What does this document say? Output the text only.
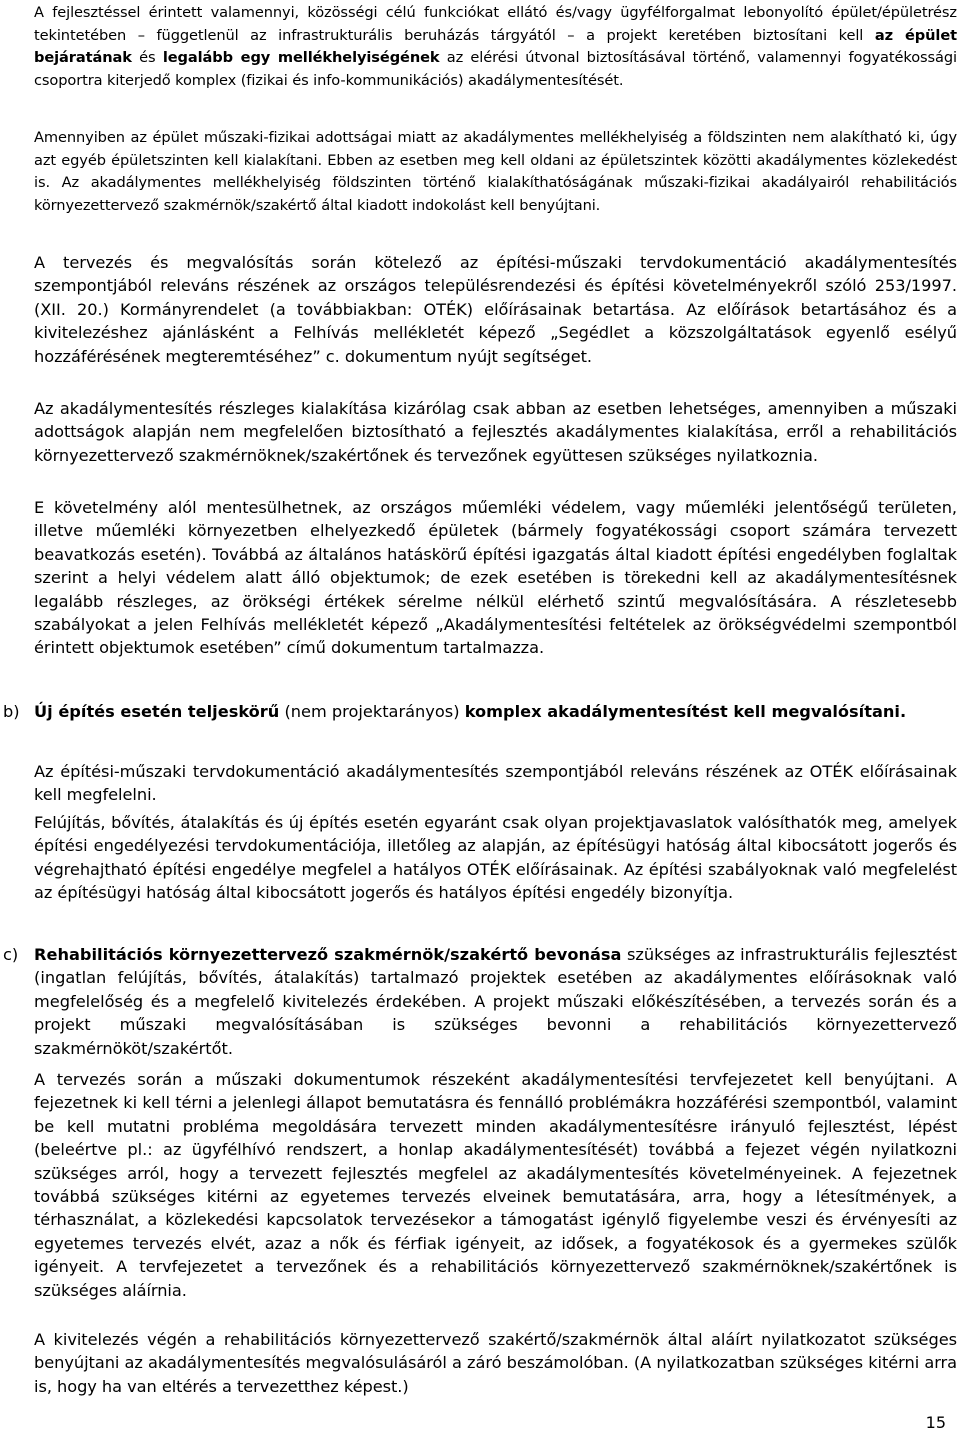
A fejlesztéssel érintett valamennyi, közösségi célú funkciókat ellátó és/vagy ügyfélforgalmat lebonyolító épület/épületrész tekintetében – függetlenül az infrastrukturális beruházás tárgyától – a projekt keretében biztosítani kell az épület bejáratának és legalább egy mellékhelyiségének az elérési útvonal biztosításával történő, valamennyi fogyatékossági csoportra kiterjedő komplex (fizikai és info-kommunikációs) akadálymentesítését.

Amennyiben az épület műszaki-fizikai adottságai miatt az akadálymentes mellékhelyiség a földszinten nem alakítható ki, úgy azt egyéb épületszinten kell kialakítani. Ebben az esetben meg kell oldani az épületszintek közötti akadálymentes közlekedést is. Az akadálymentes mellékhelyiség földszinten történő kialakíthatóságának műszaki-fizikai akadályairól rehabilitációs környezettervező szakmérnök/szakértő által kiadott indokolást kell benyújtani.

A tervezés és megvalósítás során kötelező az építési-műszaki tervdokumentáció akadálymentesítés szempontjából releváns részének az országos településrendezési és építési követelményekről szóló 253/1997. (XII. 20.) Kormányrendelet (a továbbiakban: OTÉK) előírásainak betartása. Az előírások betartásához és a kivitelezéshez ajánlásként a Felhívás mellékletét képező „Segédlet a közszolgáltatások egyenlő esélyű hozzáférésének megteremtéséhez” c. dokumentum nyújt segítséget.

Az akadálymentesítés részleges kialakítása kizárólag csak abban az esetben lehetséges, amennyiben a műszaki adottságok alapján nem megfelelően biztosítható a fejlesztés akadálymentes kialakítása, erről a rehabilitációs környezettervező szakmérnöknek/szakértőnek és tervezőnek együttesen szükséges nyilatkoznia.

E követelmény alól mentesülhetnek, az országos műemléki védelem, vagy műemléki jelentőségű területen, illetve műemléki környezetben elhelyezkedő épületek (bármely fogyatékossági csoport számára tervezett beavatkozás esetén). Továbbá az általános hatáskörű építési igazgatás által kiadott építési engedélyben foglaltak szerint a helyi védelem alatt álló objektumok; de ezek esetében is törekedni kell az akadálymentesítésnek legalább részleges, az örökségi értékek sérelme nélkül elérhető szintű megvalósítására. A részletesebb szabályokat a jelen Felhívás mellékletét képező „Akadálymentesítési feltételek az örökségvédelmi szempontból érintett objektumok esetében” című dokumentum tartalmazza.

b) Új építés esetén teljeskörű (nem projektarányos) komplex akadálymentesítést kell megvalósítani.

Az építési-műszaki tervdokumentáció akadálymentesítés szempontjából releváns részének az OTÉK előírásainak kell megfelelni.

Felújítás, bővítés, átalakítás és új építés esetén egyaránt csak olyan projektjavaslatok valósíthatók meg, amelyek építési engedélyezési tervdokumentációja, illetőleg az alapján, az építésügyi hatóság által kibocsátott jogerős és végrehajtható építési engedélye megfelel a hatályos OTÉK előírásainak. Az építési szabályoknak való megfelelést az építésügyi hatóság által kibocsátott jogerős és hatályos építési engedély bizonyítja.

c) Rehabilitációs környezettervező szakmérnök/szakértő bevonása szükséges az infrastrukturális fejlesztést (ingatlan felújítás, bővítés, átalakítás) tartalmazó projektek esetében az akadálymentes előírásoknak való megfelelőség és a megfelelő kivitelezés érdekében. A projekt műszaki előkészítésében, a tervezés során és a projekt műszaki megvalósításában is szükséges bevonni a rehabilitációs környezettervező szakmérnököt/szakértőt.

A tervezés során a műszaki dokumentumok részeként akadálymentesítési tervfejezetet kell benyújtani. A fejezetnek ki kell térni a jelenlegi állapot bemutatásra és fennálló problémákra hozzáférési szempontból, valamint be kell mutatni probléma megoldására tervezett minden akadálymentesítésre irányuló fejlesztést, lépést (beleértve pl.: az ügyfélhívó rendszert, a honlap akadálymentesítését) továbbá a fejezet végén nyilatkozni szükséges arról, hogy a tervezett fejlesztés megfelel az akadálymentesítés követelményeinek. A fejezetnek továbbá szükséges kitérni az egyetemes tervezés elveinek bemutatására, arra, hogy a létesítmények, a térhasználat, a közlekedési kapcsolatok tervezésekor a támogatást igénylő figyelembe veszi és érvényesíti az egyetemes tervezés elvét, azaz a nők és férfiak igényeit, az idősek, a fogyatékosok és a gyermekes szülők igényeit. A tervfejezetet a tervezőnek és a rehabilitációs környezettervező szakmérnöknek/szakértőnek is szükséges aláírnia.

A kivitelezés végén a rehabilitációs környezettervező szakértő/szakmérnök által aláírt nyilatkozatot szükséges benyújtani az akadálymentesítés megvalósulásáról a záró beszámolóban. (A nyilatkozatban szükséges kitérni arra is, hogy ha van eltérés a tervezetthez képest.)

15
